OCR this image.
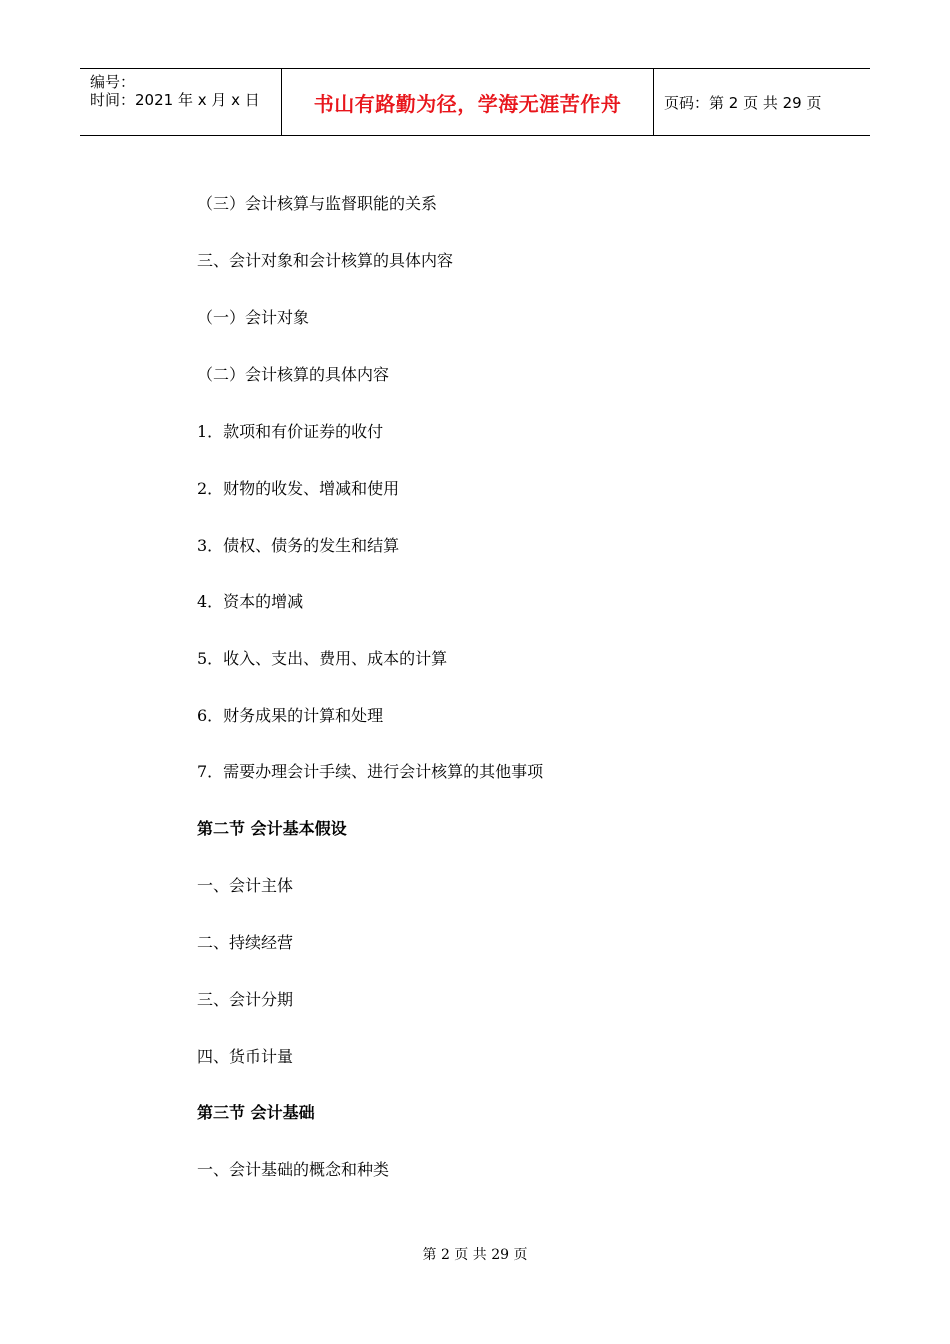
编号：
时间：2021 年 x 月 x 日	书山有路勤为径，学海无涯苦作舟	页码：第 2 页 共 29 页
（三）会计核算与监督职能的关系
三、会计对象和会计核算的具体内容
（一）会计对象
（二）会计核算的具体内容
1．款项和有价证券的收付
2．财物的收发、增减和使用
3．债权、债务的发生和结算
4．资本的增减
5．收入、支出、费用、成本的计算
6．财务成果的计算和处理
7．需要办理会计手续、进行会计核算的其他事项
第二节 会计基本假设
一、会计主体
二、持续经营
三、会计分期
四、货币计量
第三节 会计基础
一、会计基础的概念和种类
第 2 页 共 29 页
